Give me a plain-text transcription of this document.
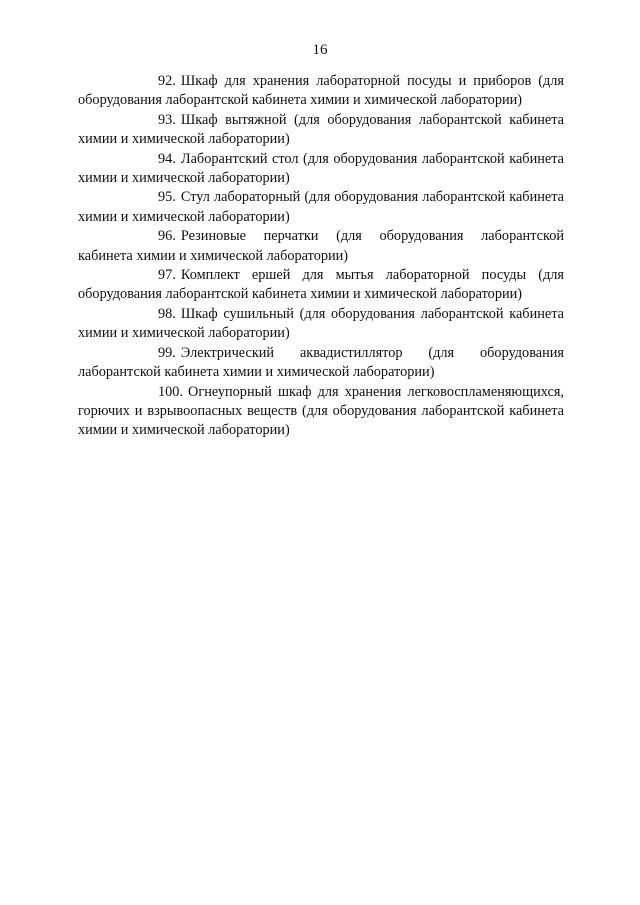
16

92. Шкаф для хранения лабораторной посуды и приборов (для оборудования лаборантской кабинета химии и химической лаборатории)

93. Шкаф вытяжной (для оборудования лаборантской кабинета химии и химической лаборатории)

94. Лаборантский стол (для оборудования лаборантской кабинета химии и химической лаборатории)

95. Стул лабораторный (для оборудования лаборантской кабинета химии и химической лаборатории)

96. Резиновые перчатки (для оборудования лаборантской кабинета химии и химической лаборатории)

97. Комплект ершей для мытья лабораторной посуды (для оборудования лаборантской кабинета химии и химической лаборатории)

98. Шкаф сушильный (для оборудования лаборантской кабинета химии и химической лаборатории)

99. Электрический аквадистиллятор (для оборудования лаборантской кабинета химии и химической лаборатории)

100. Огнеупорный шкаф для хранения легковоспламеняющихся, горючих и взрывоопасных веществ (для оборудования лаборантской кабинета химии и химической лаборатории)
